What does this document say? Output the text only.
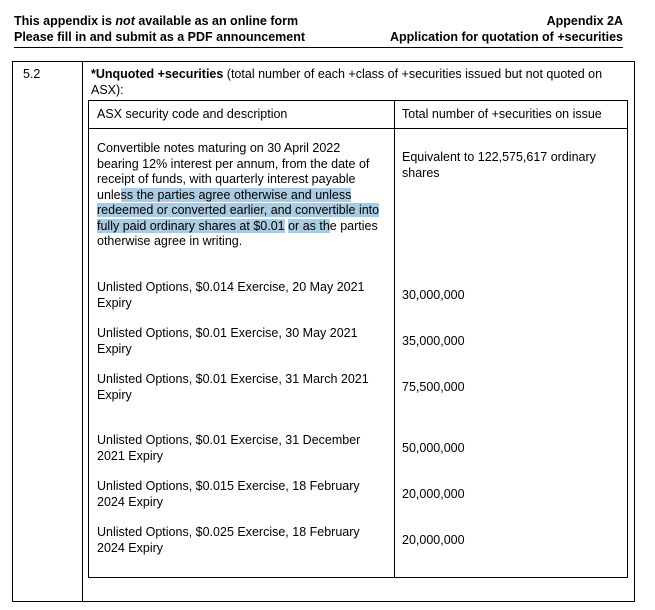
This appendix is not available as an online form
Please fill in and submit as a PDF announcement
Appendix 2A
Application for quotation of +securities
5.2	*Unquoted +securities (total number of each +class of +securities issued but not quoted on ASX):
ASX security code and description	Total number of +securities on issue
Convertible notes maturing on 30 April 2022 bearing 12% interest per annum, from the date of receipt of funds, with quarterly interest payable unless the parties agree otherwise and unless redeemed or converted earlier, and convertible into fully paid ordinary shares at $0.01 or as the parties otherwise agree in writing.
Equivalent to 122,575,617 ordinary shares
Unlisted Options, $0.014 Exercise, 20 May 2021 Expiry
30,000,000
Unlisted Options, $0.01 Exercise, 30 May 2021 Expiry
35,000,000
Unlisted Options, $0.01 Exercise, 31 March 2021 Expiry
75,500,000
Unlisted Options, $0.01 Exercise, 31 December 2021 Expiry
50,000,000
Unlisted Options, $0.015 Exercise, 18 February 2024 Expiry
20,000,000
Unlisted Options, $0.025 Exercise, 18 February 2024 Expiry
20,000,000
